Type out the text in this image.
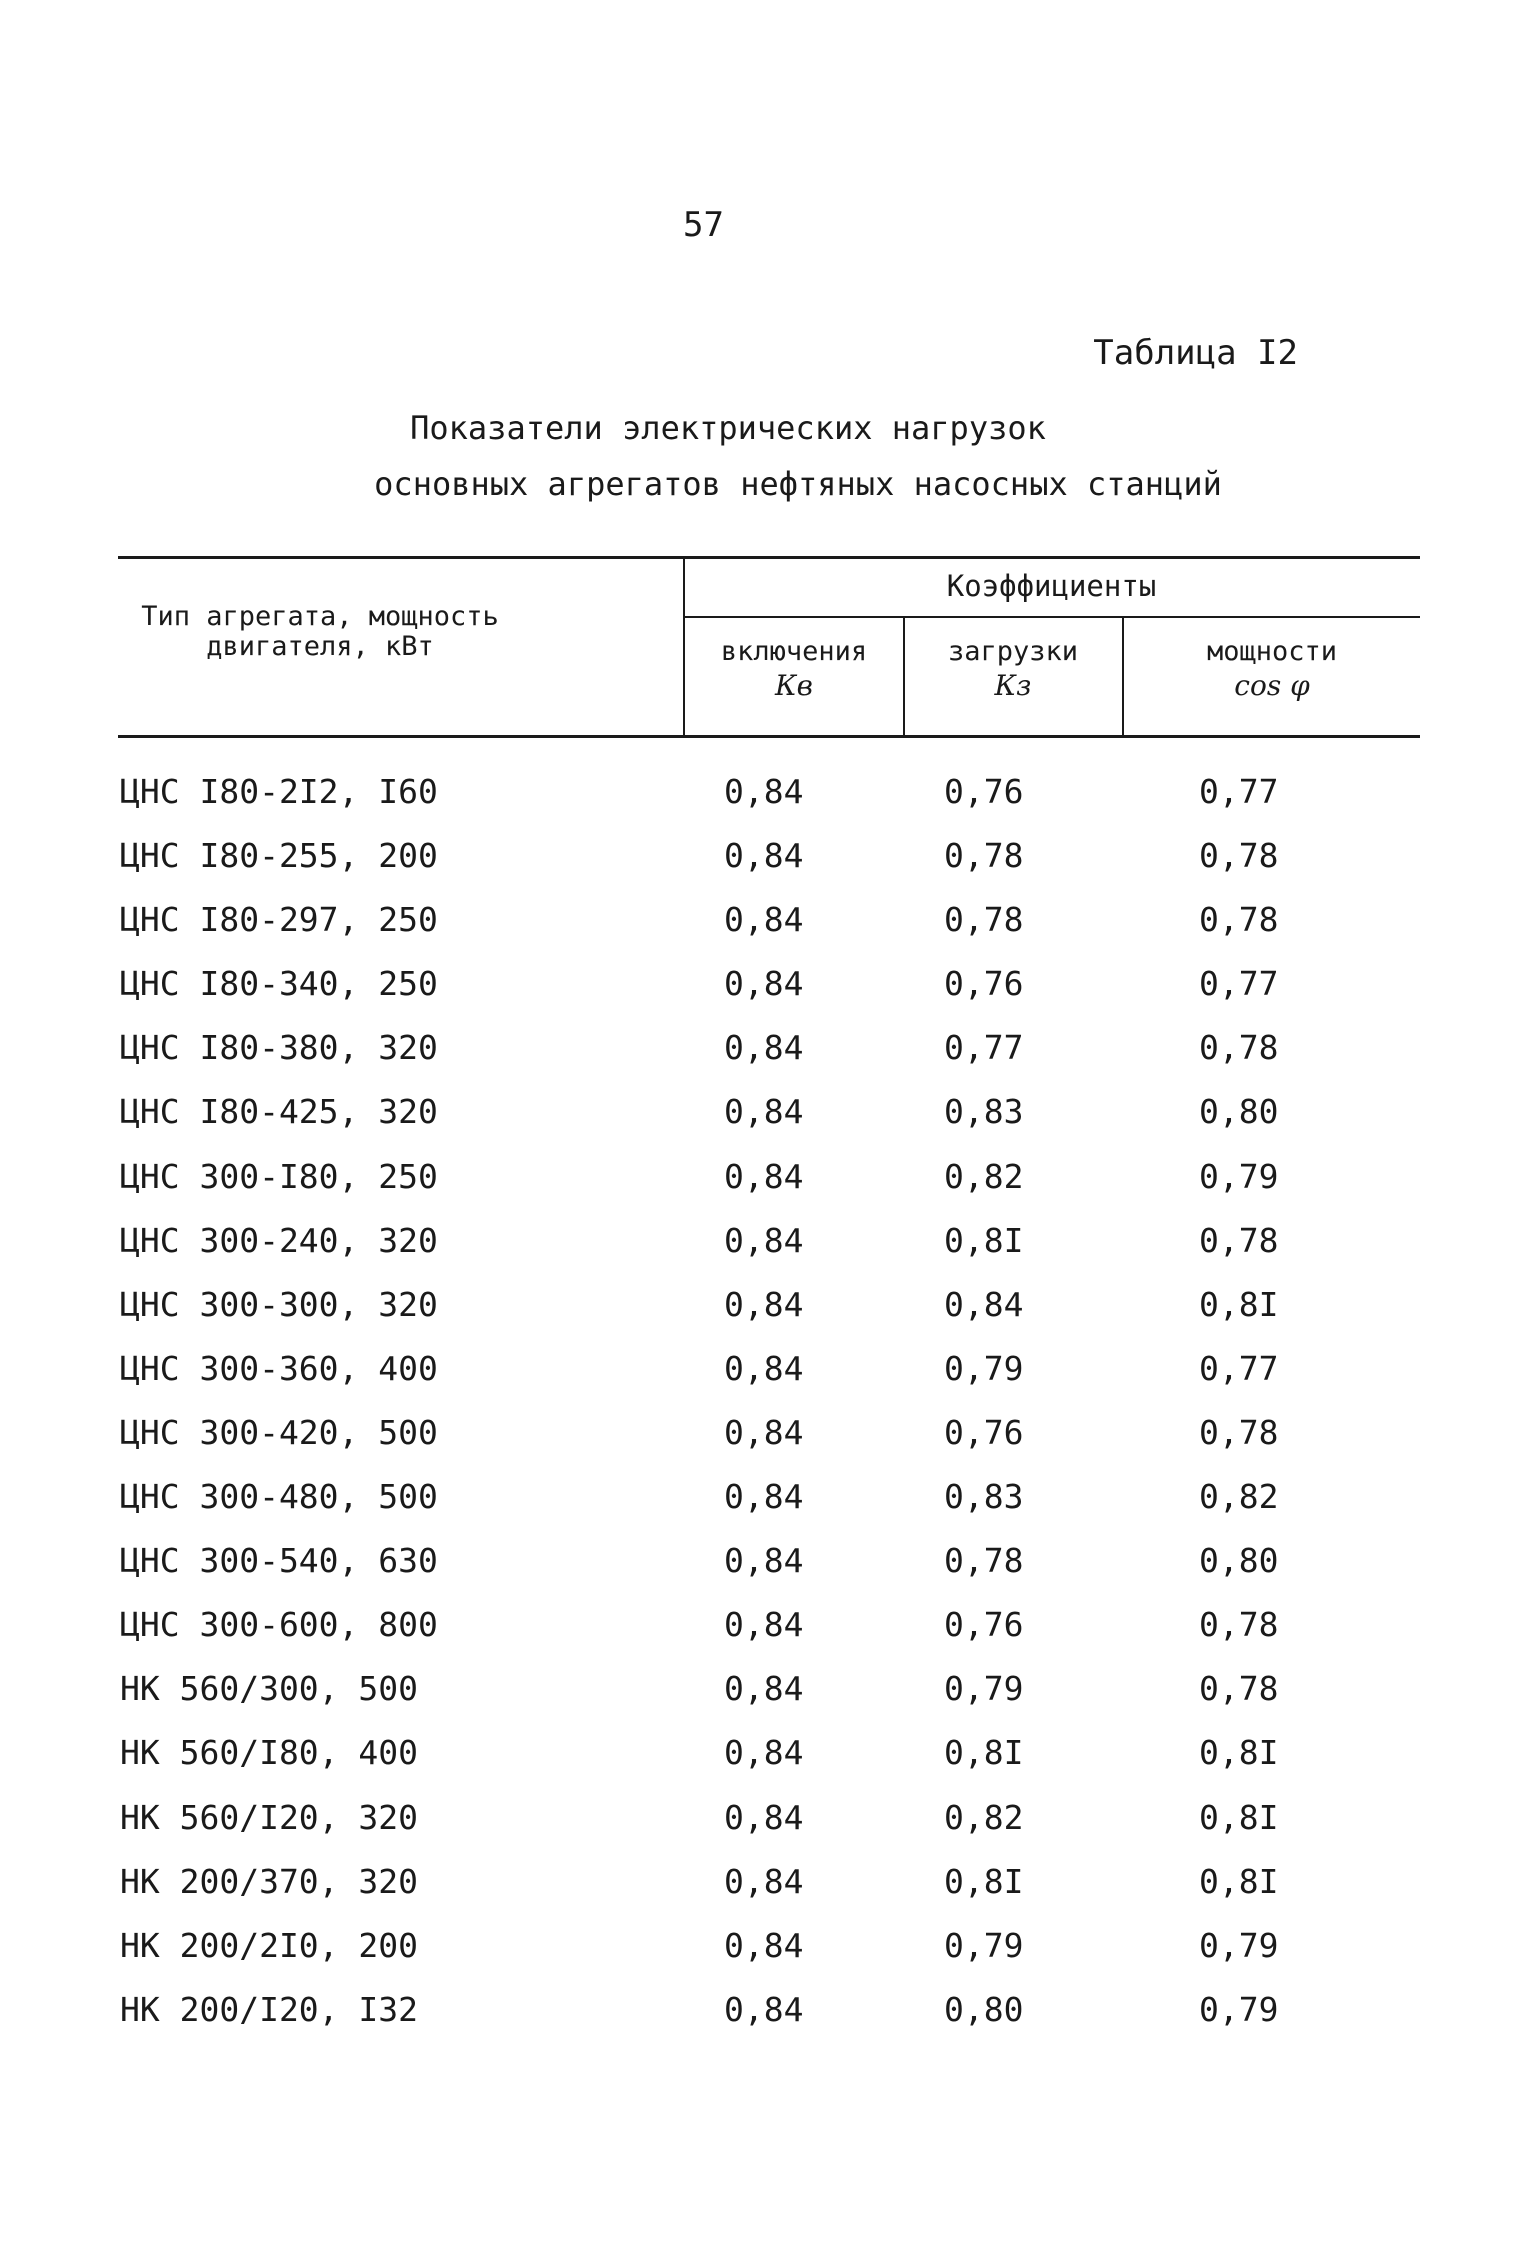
57
Таблица I2
Показатели электрических нагрузок
основных агрегатов нефтяных насосных станций
Тип агрегата, мощность двигателя, кВт
Коэффициенты
включения
Кв
загрузки
Кз
мощности
cos φ
ЦНС I80-2I2, I60	0,84	0,76	0,77
ЦНС I80-255, 200	0,84	0,78	0,78
ЦНС I80-297, 250	0,84	0,78	0,78
ЦНС I80-340, 250	0,84	0,76	0,77
ЦНС I80-380, 320	0,84	0,77	0,78
ЦНС I80-425, 320	0,84	0,83	0,80
ЦНС 300-I80, 250	0,84	0,82	0,79
ЦНС 300-240, 320	0,84	0,8I	0,78
ЦНС 300-300, 320	0,84	0,84	0,8I
ЦНС 300-360, 400	0,84	0,79	0,77
ЦНС 300-420, 500	0,84	0,76	0,78
ЦНС 300-480, 500	0,84	0,83	0,82
ЦНС 300-540, 630	0,84	0,78	0,80
ЦНС 300-600, 800	0,84	0,76	0,78
НК 560/300, 500	0,84	0,79	0,78
НК 560/I80, 400	0,84	0,8I	0,8I
НК 560/I20, 320	0,84	0,82	0,8I
НК 200/370, 320	0,84	0,8I	0,8I
НК 200/2I0, 200	0,84	0,79	0,79
НК 200/I20, I32	0,84	0,80	0,79
